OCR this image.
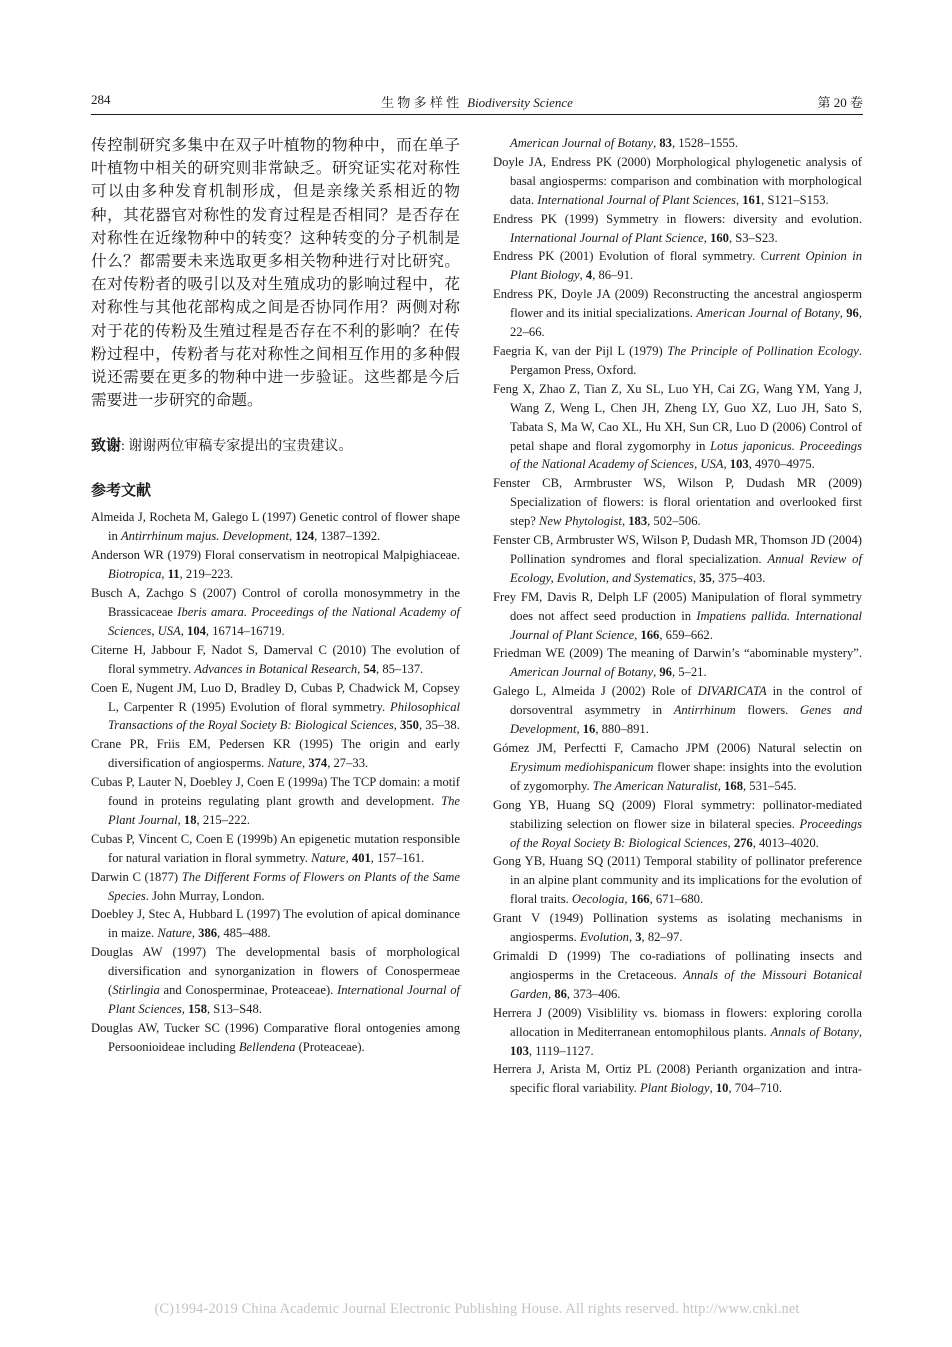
284	生 物 多 样 性 Biodiversity Science	第 20 卷

传控制研究多集中在双子叶植物的物种中，而在单子叶植物中相关的研究则非常缺乏。研究证实花对称性可以由多种发育机制形成，但是亲缘关系相近的物种，其花器官对称性的发育过程是否相同？是否存在对称性在近缘物种中的转变？这种转变的分子机制是什么？都需要未来选取更多相关物种进行对比研究。在对传粉者的吸引以及对生殖成功的影响过程中，花对称性与其他花部构成之间是否协同作用？两侧对称对于花的传粉及生殖过程是否存在不利的影响？在传粉过程中，传粉者与花对称性之间相互作用的多种假说还需要在更多的物种中进一步验证。这些都是今后需要进一步研究的命题。

致谢: 谢谢两位审稿专家提出的宝贵建议。
参考文献

Almeida J, Rocheta M, Galego L (1997) Genetic control of flower shape in Antirrhinum majus. Development, 124, 1387–1392.

Anderson WR (1979) Floral conservatism in neotropical Malpighiaceae. Biotropica, 11, 219–223.

Busch A, Zachgo S (2007) Control of corolla monosymmetry in the Brassicaceae Iberis amara. Proceedings of the National Academy of Sciences, USA, 104, 16714–16719.

Citerne H, Jabbour F, Nadot S, Damerval C (2010) The evolution of floral symmetry. Advances in Botanical Research, 54, 85–137.

Coen E, Nugent JM, Luo D, Bradley D, Cubas P, Chadwick M, Copsey L, Carpenter R (1995) Evolution of floral symmetry. Philosophical Transactions of the Royal Society B: Biological Sciences, 350, 35–38.

Crane PR, Friis EM, Pedersen KR (1995) The origin and early diversification of angiosperms. Nature, 374, 27–33.

Cubas P, Lauter N, Doebley J, Coen E (1999a) The TCP domain: a motif found in proteins regulating plant growth and development. The Plant Journal, 18, 215–222.

Cubas P, Vincent C, Coen E (1999b) An epigenetic mutation responsible for natural variation in floral symmetry. Nature, 401, 157–161.

Darwin C (1877) The Different Forms of Flowers on Plants of the Same Species. John Murray, London.

Doebley J, Stec A, Hubbard L (1997) The evolution of apical dominance in maize. Nature, 386, 485–488.

Douglas AW (1997) The developmental basis of morphological diversification and synorganization in flowers of Conospermeae (Stirlingia and Conosperminae, Proteaceae). International Journal of Plant Sciences, 158, S13–S48.

Douglas AW, Tucker SC (1996) Comparative floral ontogenies among Persoonioideae including Bellendena (Proteaceae).

American Journal of Botany, 83, 1528–1555.

Doyle JA, Endress PK (2000) Morphological phylogenetic analysis of basal angiosperms: comparison and combination with morphological data. International Journal of Plant Sciences, 161, S121–S153.

Endress PK (1999) Symmetry in flowers: diversity and evolution. International Journal of Plant Science, 160, S3–S23.

Endress PK (2001) Evolution of floral symmetry. Current Opinion in Plant Biology, 4, 86–91.

Endress PK, Doyle JA (2009) Reconstructing the ancestral angiosperm flower and its initial specializations. American Journal of Botany, 96, 22–66.

Faegria K, van der Pijl L (1979) The Principle of Pollination Ecology. Pergamon Press, Oxford.

Feng X, Zhao Z, Tian Z, Xu SL, Luo YH, Cai ZG, Wang YM, Yang J, Wang Z, Weng L, Chen JH, Zheng LY, Guo XZ, Luo JH, Sato S, Tabata S, Ma W, Cao XL, Hu XH, Sun CR, Luo D (2006) Control of petal shape and floral zygomorphy in Lotus japonicus. Proceedings of the National Academy of Sciences, USA, 103, 4970–4975.

Fenster CB, Armbruster WS, Wilson P, Dudash MR (2009) Specialization of flowers: is floral orientation and overlooked first step? New Phytologist, 183, 502–506.

Fenster CB, Armbruster WS, Wilson P, Dudash MR, Thomson JD (2004) Pollination syndromes and floral specialization. Annual Review of Ecology, Evolution, and Systematics, 35, 375–403.

Frey FM, Davis R, Delph LF (2005) Manipulation of floral symmetry does not affect seed production in Impatiens pallida. International Journal of Plant Science, 166, 659–662.

Friedman WE (2009) The meaning of Darwin’s “abominable mystery”. American Journal of Botany, 96, 5–21.

Galego L, Almeida J (2002) Role of DIVARICATA in the control of dorsoventral asymmetry in Antirrhinum flowers. Genes and Development, 16, 880–891.

Gómez JM, Perfectti F, Camacho JPM (2006) Natural selectin on Erysimum mediohispanicum flower shape: insights into the evolution of zygomorphy. The American Naturalist, 168, 531–545.

Gong YB, Huang SQ (2009) Floral symmetry: pollinator-mediated stabilizing selection on flower size in bilateral species. Proceedings of the Royal Society B: Biological Sciences, 276, 4013–4020.

Gong YB, Huang SQ (2011) Temporal stability of pollinator preference in an alpine plant community and its implications for the evolution of floral traits. Oecologia, 166, 671–680.

Grant V (1949) Pollination systems as isolating mechanisms in angiosperms. Evolution, 3, 82–97.

Grimaldi D (1999) The co-radiations of pollinating insects and angiosperms in the Cretaceous. Annals of the Missouri Botanical Garden, 86, 373–406.

Herrera J (2009) Visiblility vs. biomass in flowers: exploring corolla allocation in Mediterranean entomophilous plants. Annals of Botany, 103, 1119–1127.

Herrera J, Arista M, Ortiz PL (2008) Perianth organization and intra-specific floral variability. Plant Biology, 10, 704–710.

(C)1994-2019 China Academic Journal Electronic Publishing House. All rights reserved. http://www.cnki.net
